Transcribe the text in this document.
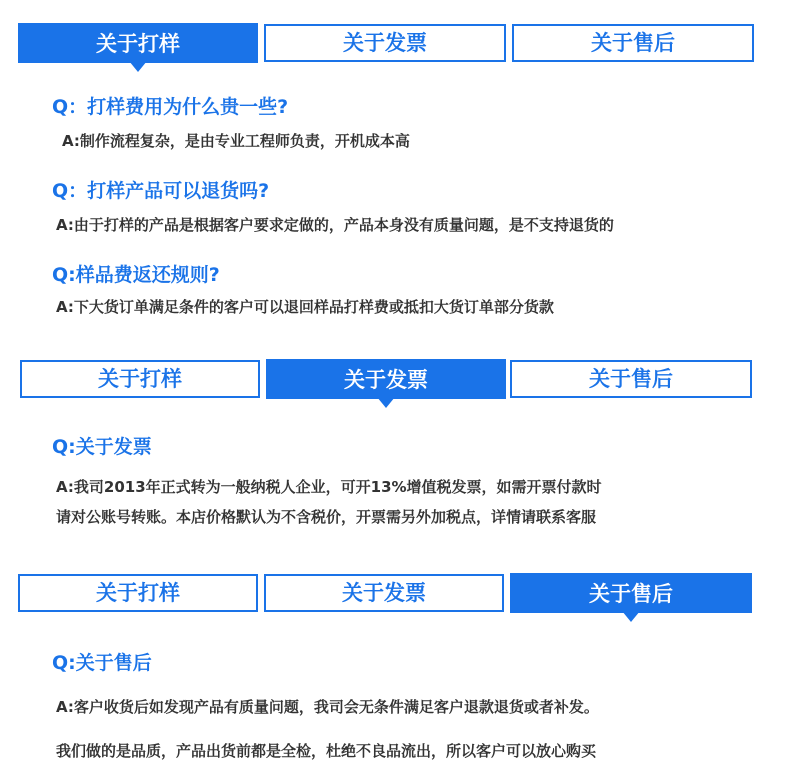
关于打样	关于发票	关于售后
Q：打样费用为什么贵一些?
A:制作流程复杂，是由专业工程师负责，开机成本高
Q：打样产品可以退货吗?
A:由于打样的产品是根据客户要求定做的，产品本身没有质量问题，是不支持退货的
Q:样品费返还规则?
A:下大货订单满足条件的客户可以退回样品打样费或抵扣大货订单部分货款
关于打样	关于发票	关于售后
Q:关于发票
A:我司2013年正式转为一般纳税人企业，可开13%增值税发票，如需开票付款时
请对公账号转账。本店价格默认为不含税价，开票需另外加税点，详情请联系客服
关于打样	关于发票	关于售后
Q:关于售后
A:客户收货后如发现产品有质量问题，我司会无条件满足客户退款退货或者补发。
我们做的是品质，产品出货前都是全检，杜绝不良品流出，所以客户可以放心购买
